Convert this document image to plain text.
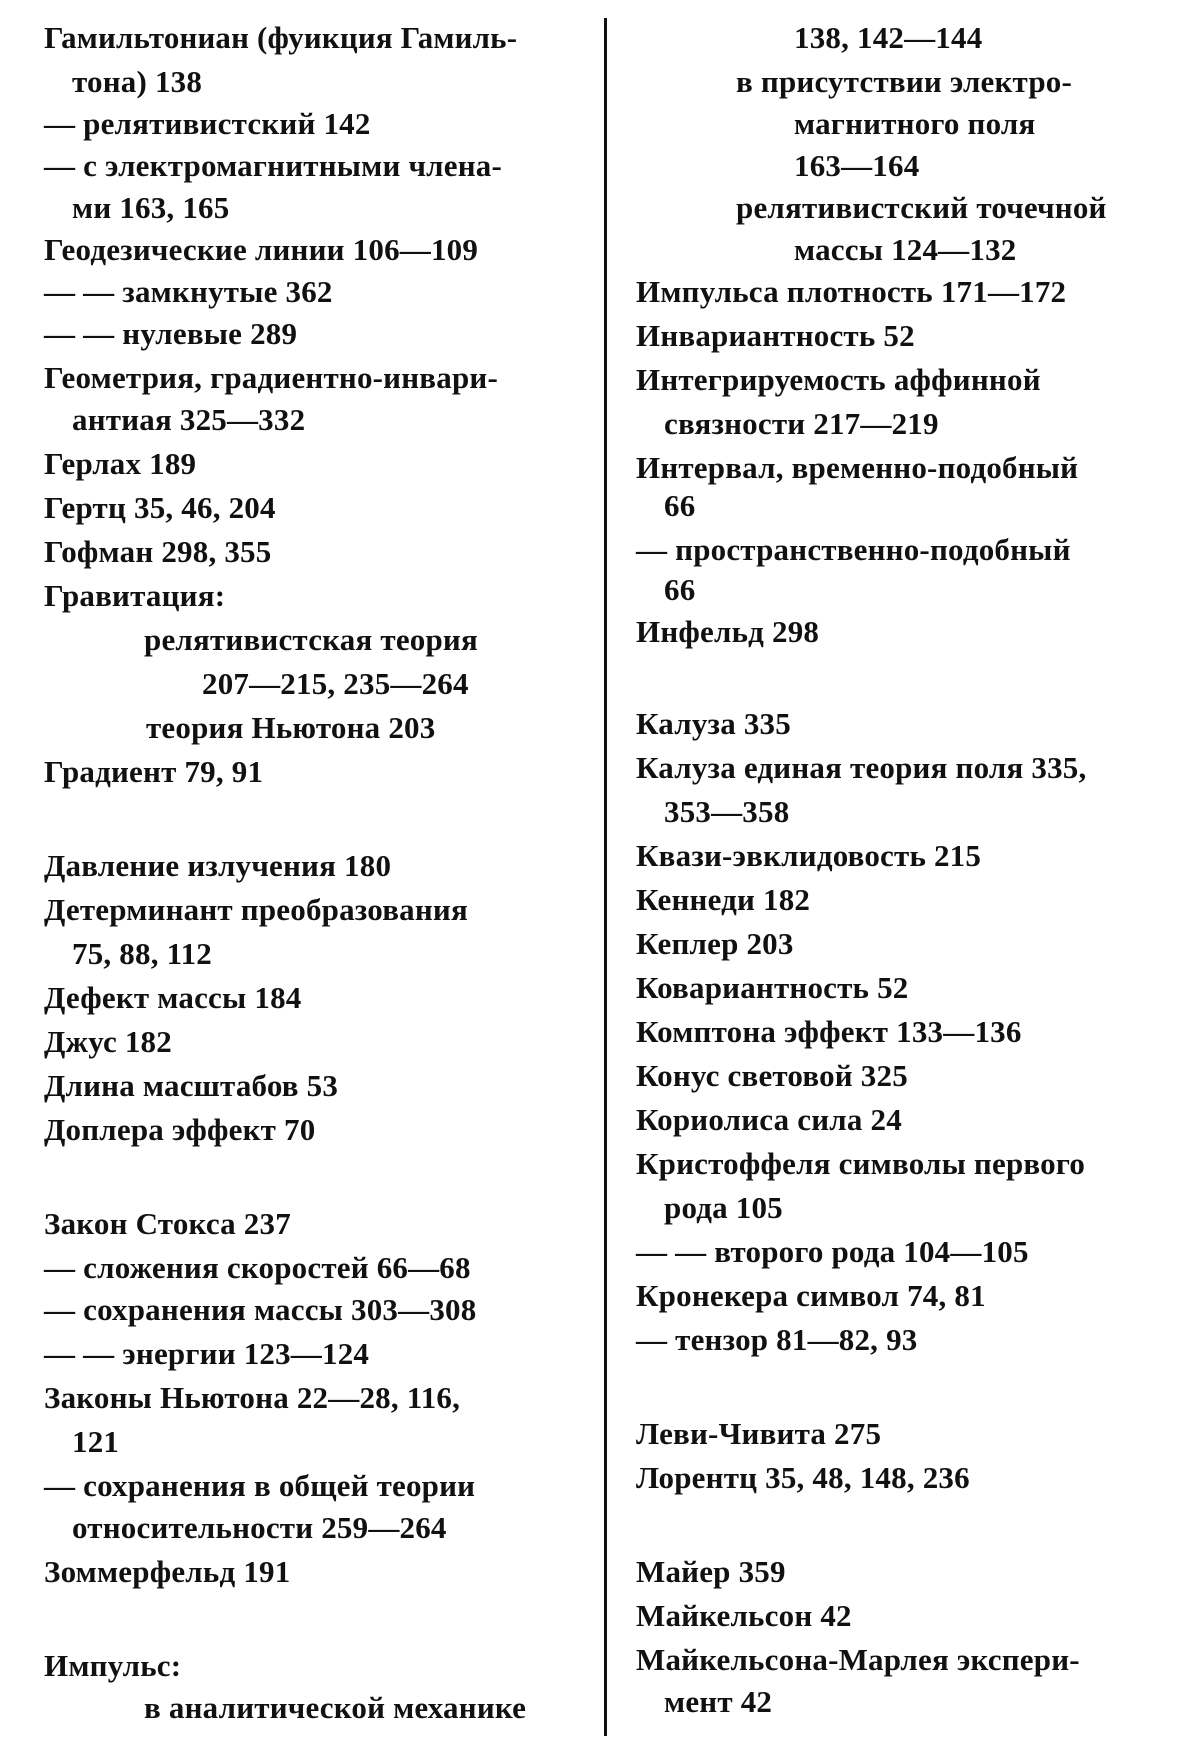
Гамильтониан (фуикция Гамиль-
тона) 138
— релятивистский 142
— с электромагнитными члена-
ми 163, 165
Геодезические линии 106—109
— — замкнутые 362
— — нулевые 289
Геометрия, градиентно-инвари-
антиая 325—332
Герлах 189
Гертц 35, 46, 204
Гофман 298, 355
Гравитация:
релятивистская теория
207—215, 235—264
теория Ньютона 203
Градиент 79, 91
Давление излучения 180
Детерминант преобразования
75, 88, 112
Дефект массы 184
Джус 182
Длина масштабов 53
Доплера эффект 70
Закон Стокса 237
— сложения скоростей 66—68
— сохранения массы 303—308
— — энергии 123—124
Законы Ньютона 22—28, 116,
121
— сохранения в общей теории
относительности 259—264
Зоммерфельд 191
Импульс:
в аналитической механике
138, 142—144
в присутствии электро-
магнитного поля
163—164
релятивистский точечной
массы 124—132
Импульса плотность 171—172
Инвариантность 52
Интегрируемость аффинной
связности 217—219
Интервал, временно-подобный
66
— пространственно-подобный
66
Инфельд 298
Калуза 335
Калуза единая теория поля 335,
353—358
Квази-эвклидовость 215
Кеннеди 182
Кеплер 203
Ковариантность 52
Комптона эффект 133—136
Конус световой 325
Кориолиса сила 24
Кристоффеля символы первого
рода 105
— — второго рода 104—105
Кронекера символ 74, 81
— тензор 81—82, 93
Леви-Чивита 275
Лорентц 35, 48, 148, 236
Майер 359
Майкельсон 42
Майкельсона-Марлея экспери-
мент 42
